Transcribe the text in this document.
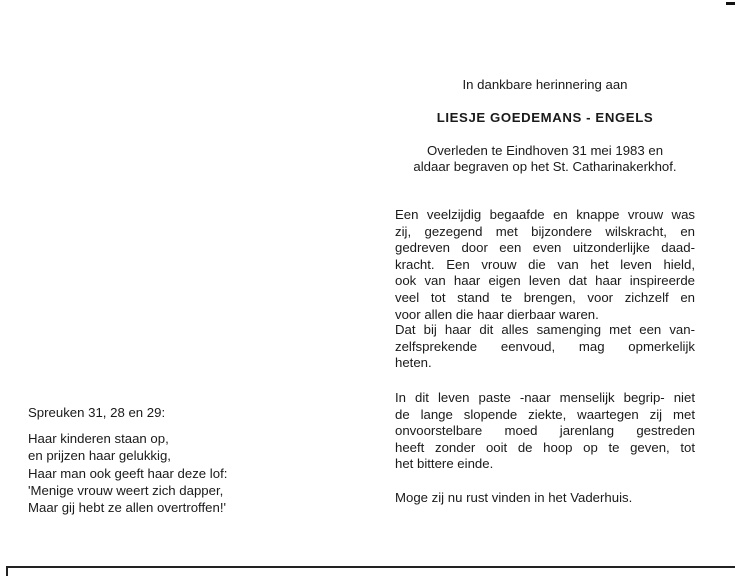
Spreuken 31, 28 en 29:
Haar kinderen staan op,
en prijzen haar gelukkig,
Haar man ook geeft haar deze lof:
'Menige vrouw weert zich dapper,
Maar gij hebt ze allen overtroffen!'
In dankbare herinnering aan
LIESJE GOEDEMANS - ENGELS
Overleden te Eindhoven 31 mei 1983 en
aldaar begraven op het St. Catharinakerkhof.
Een veelzijdig begaafde en knappe vrouw was
zij, gezegend met bijzondere wilskracht, en
gedreven door een even uitzonderlijke daad-
kracht. Een vrouw die van het leven hield,
ook van haar eigen leven dat haar inspireerde
veel tot stand te brengen, voor zichzelf en
voor allen die haar dierbaar waren.
Dat bij haar dit alles samenging met een van-
zelfsprekende eenvoud, mag opmerkelijk
heten.
In dit leven paste -naar menselijk begrip- niet
de lange slopende ziekte, waartegen zij met
onvoorstelbare moed jarenlang gestreden
heeft zonder ooit de hoop op te geven, tot
het bittere einde.
Moge zij nu rust vinden in het Vaderhuis.
